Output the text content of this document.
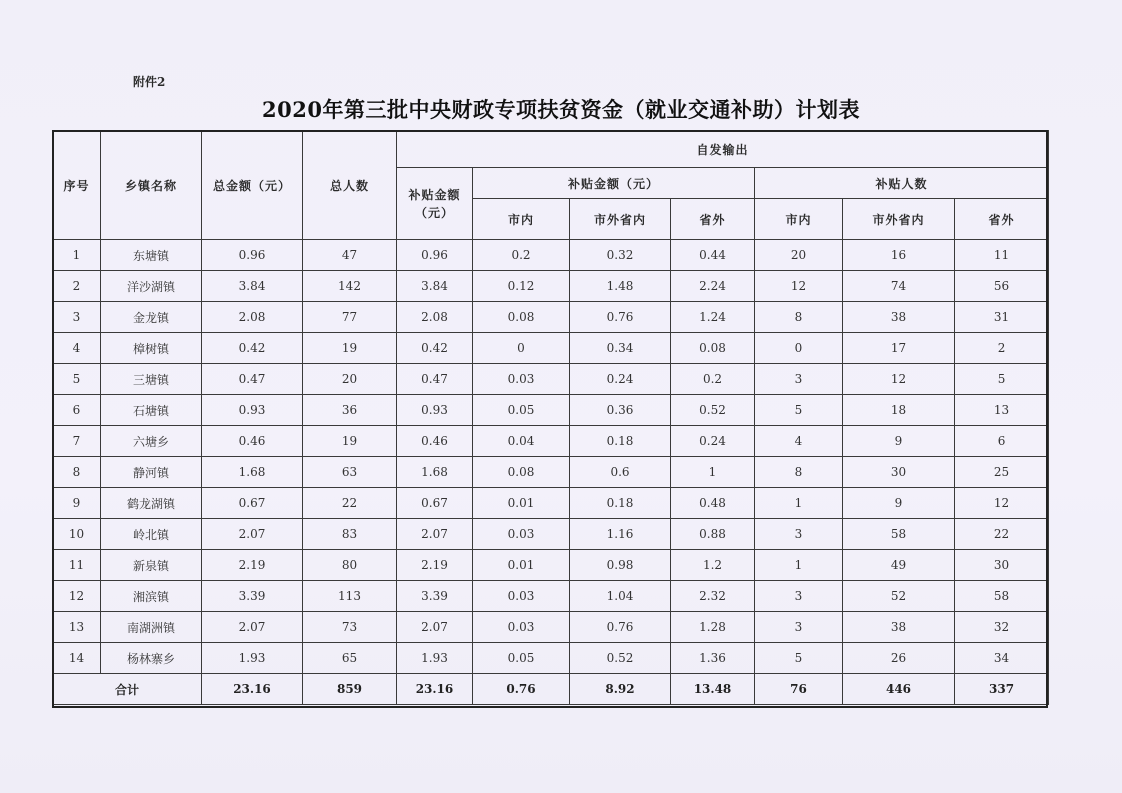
附件2
2020年第三批中央财政专项扶贫资金（就业交通补助）计划表
序号	乡镇名称	总金额（元）	总人数	自发输出						
				补贴金额（元）	补贴金额（元）			补贴人数		
					市内	市外省内	省外	市内	市外省内	省外
1	东塘镇	0.96	47	0.96	0.2	0.32	0.44	20	16	11
2	洋沙湖镇	3.84	142	3.84	0.12	1.48	2.24	12	74	56
3	金龙镇	2.08	77	2.08	0.08	0.76	1.24	8	38	31
4	樟树镇	0.42	19	0.42	0	0.34	0.08	0	17	2
5	三塘镇	0.47	20	0.47	0.03	0.24	0.2	3	12	5
6	石塘镇	0.93	36	0.93	0.05	0.36	0.52	5	18	13
7	六塘乡	0.46	19	0.46	0.04	0.18	0.24	4	9	6
8	静河镇	1.68	63	1.68	0.08	0.6	1	8	30	25
9	鹤龙湖镇	0.67	22	0.67	0.01	0.18	0.48	1	9	12
10	岭北镇	2.07	83	2.07	0.03	1.16	0.88	3	58	22
11	新泉镇	2.19	80	2.19	0.01	0.98	1.2	1	49	30
12	湘滨镇	3.39	113	3.39	0.03	1.04	2.32	3	52	58
13	南湖洲镇	2.07	73	2.07	0.03	0.76	1.28	3	38	32
14	杨林寨乡	1.93	65	1.93	0.05	0.52	1.36	5	26	34
合计		23.16	859	23.16	0.76	8.92	13.48	76	446	337
